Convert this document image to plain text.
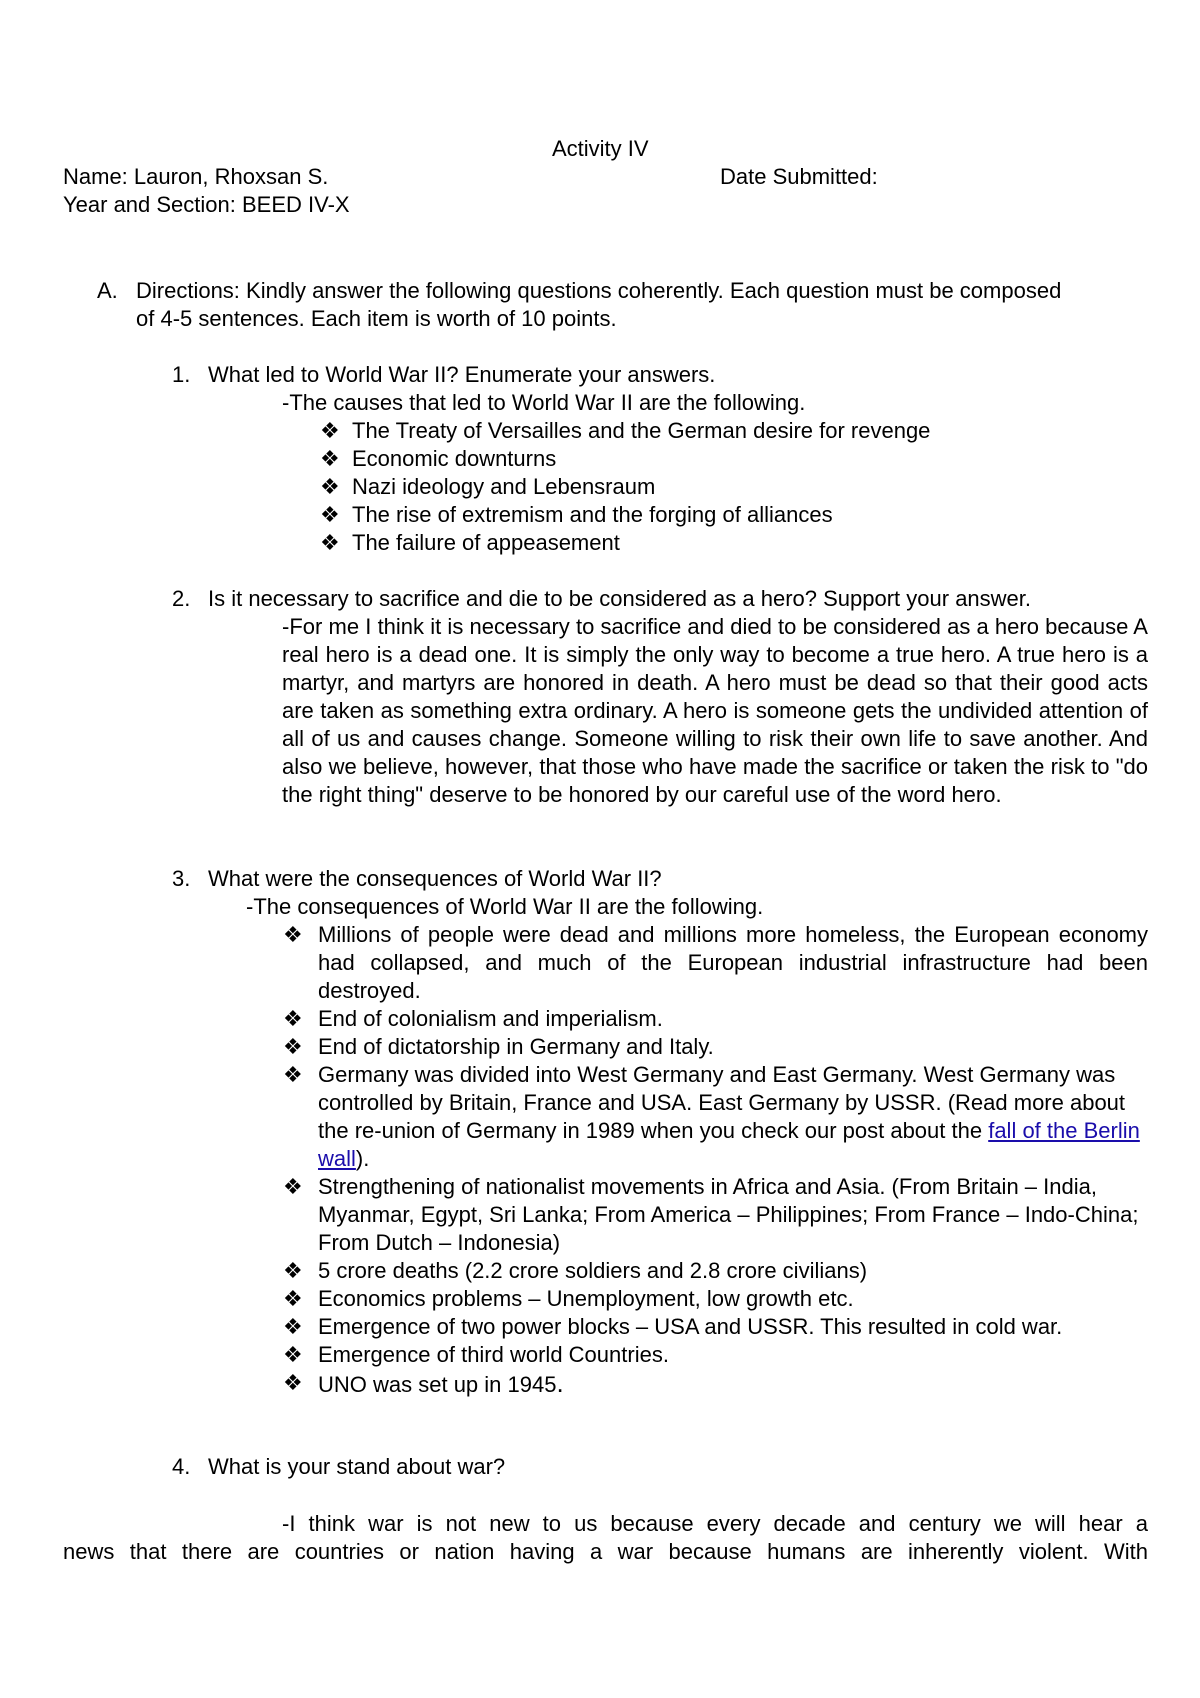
Activity IV
Name: Lauron, Rhoxsan S.	Date Submitted:
Year and Section: BEED IV-X
A. Directions: Kindly answer the following questions coherently. Each question must be composed of 4-5 sentences. Each item is worth of 10 points.
1. What led to World War II? Enumerate your answers.
-The causes that led to World War II are the following.
❖ The Treaty of Versailles and the German desire for revenge
❖ Economic downturns
❖ Nazi ideology and Lebensraum
❖ The rise of extremism and the forging of alliances
❖ The failure of appeasement
2. Is it necessary to sacrifice and die to be considered as a hero? Support your answer.
-For me I think it is necessary to sacrifice and died to be considered as a hero because A real hero is a dead one. It is simply the only way to become a true hero. A true hero is a martyr, and martyrs are honored in death. A hero must be dead so that their good acts are taken as something extra ordinary. A hero is someone gets the undivided attention of all of us and causes change. Someone willing to risk their own life to save another. And also we believe, however, that those who have made the sacrifice or taken the risk to "do the right thing" deserve to be honored by our careful use of the word hero.
3. What were the consequences of World War II?
-The consequences of World War II are the following.
❖ Millions of people were dead and millions more homeless, the European economy had collapsed, and much of the European industrial infrastructure had been destroyed.
❖ End of colonialism and imperialism.
❖ End of dictatorship in Germany and Italy.
❖ Germany was divided into West Germany and East Germany. West Germany was controlled by Britain, France and USA. East Germany by USSR. (Read more about the re-union of Germany in 1989 when you check our post about the fall of the Berlin wall).
❖ Strengthening of nationalist movements in Africa and Asia. (From Britain – India, Myanmar, Egypt, Sri Lanka; From America – Philippines; From France – Indo-China; From Dutch – Indonesia)
❖ 5 crore deaths (2.2 crore soldiers and 2.8 crore civilians)
❖ Economics problems – Unemployment, low growth etc.
❖ Emergence of two power blocks – USA and USSR. This resulted in cold war.
❖ Emergence of third world Countries.
❖ UNO was set up in 1945.
4. What is your stand about war?
-I think war is not new to us because every decade and century we will hear a
news that there are countries or nation having a war because humans are inherently violent. With
